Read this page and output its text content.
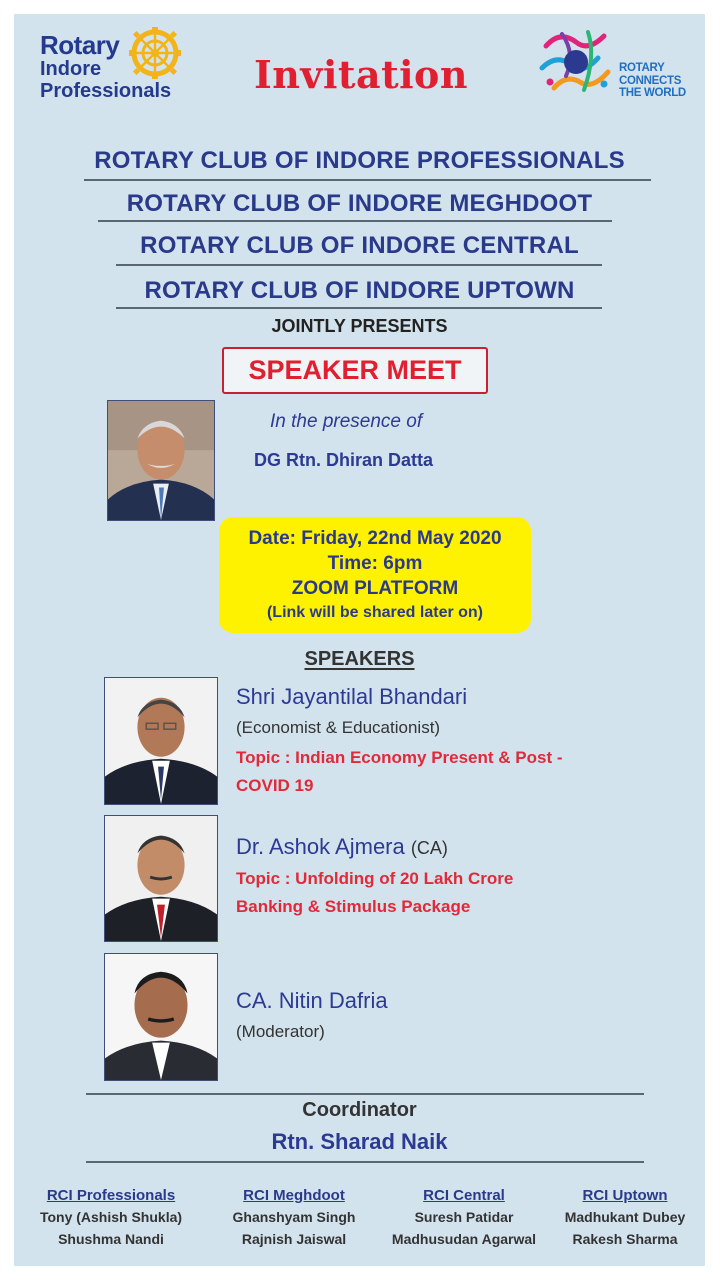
Rotary
Indore
Professionals	Invitation	ROTARY
CONNECTS
THE WORLD
ROTARY CLUB OF INDORE PROFESSIONALS
ROTARY CLUB OF INDORE MEGHDOOT
ROTARY CLUB OF INDORE CENTRAL
ROTARY CLUB OF INDORE UPTOWN
JOINTLY PRESENTS
SPEAKER MEET
In the presence of
DG Rtn. Dhiran Datta
Date: Friday, 22nd May 2020
Time: 6pm
ZOOM PLATFORM
(Link will be shared later on)
SPEAKERS
Shri Jayantilal Bhandari
(Economist & Educationist)
Topic : Indian Economy Present & Post -
COVID 19
Dr. Ashok Ajmera (CA)
Topic : Unfolding of 20 Lakh Crore
Banking & Stimulus Package
CA. Nitin Dafria
(Moderator)
Coordinator
Rtn. Sharad Naik
RCI Professionals
Tony (Ashish Shukla)
Shushma Nandi
RCI Meghdoot
Ghanshyam Singh
Rajnish Jaiswal
RCI Central
Suresh Patidar
Madhusudan Agarwal
RCI Uptown
Madhukant Dubey
Rakesh Sharma
